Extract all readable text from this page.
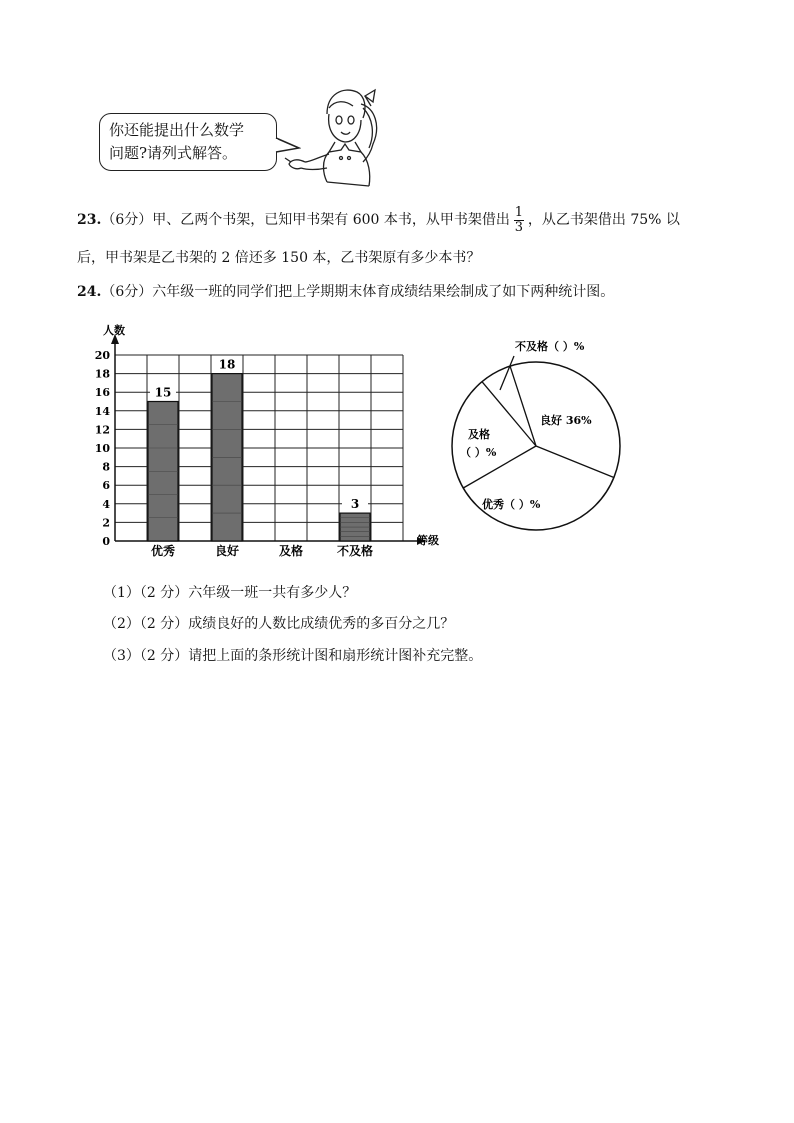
你还能提出什么数学
问题?请列式解答。
23.（6分）甲、乙两个书架，已知甲书架有 600 本书，从甲书架借出 $\frac{1}{3}$ ，从乙书架借出 75% 以
后，甲书架是乙书架的 2 倍还多 150 本，乙书架原有多少本书？
24.（6分）六年级一班的同学们把上学期期末体育成绩结果绘制成了如下两种统计图。
人数
等级
0
2
4
6
8
10
12
14
16
18
20
优秀
15
良好
18
及格	不及格
3
不及格（ ）%
良好 36%
优秀（ ）%
及格
（ ）%
（1）（2 分）六年级一班一共有多少人？
（2）（2 分）成绩良好的人数比成绩优秀的多百分之几？
（3）（2 分）请把上面的条形统计图和扇形统计图补充完整。
